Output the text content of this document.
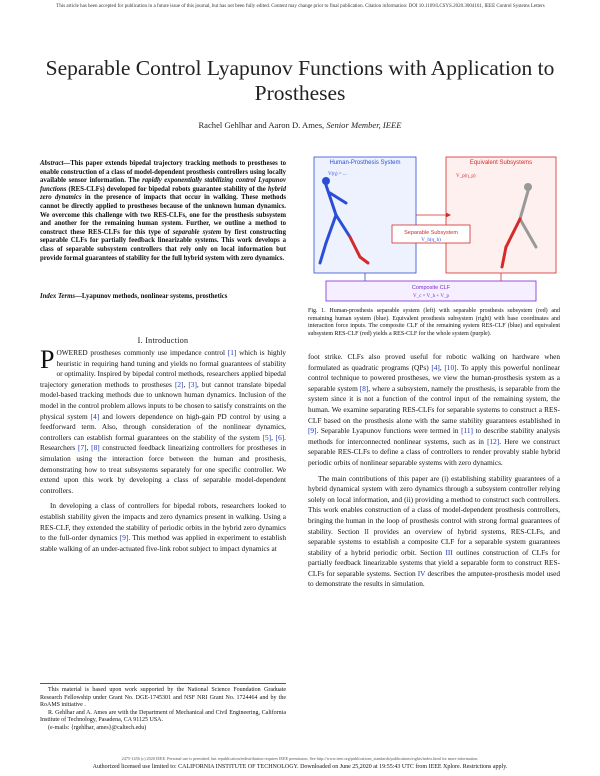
This article has been accepted for publication in a future issue of this journal, but has not been fully edited. Content may change prior to final publication. Citation information: DOI 10.1109/LCSYS.2020.3004161, IEEE Control Systems Letters
Separable Control Lyapunov Functions with Application to Prostheses
Rachel Gehlhar and Aaron D. Ames, Senior Member, IEEE
Abstract—This paper extends bipedal trajectory tracking methods to prostheses to enable construction of a class of model-dependent prosthesis controllers using locally available sensor information. The rapidly exponentially stabilizing control Lyapunov functions (RES-CLFs) developed for bipedal robots guarantee stability of the hybrid zero dynamics in the presence of impacts that occur in walking. These methods cannot be directly applied to prostheses because of the unknown human dynamics. We overcome this challenge with two RES-CLFs, one for the prosthesis subsystem and another for the remaining human system. Further, we outline a method to construct these RES-CLFs for this type of separable system by first constructing separable CLFs for partially feedback linearizable systems. This work develops a class of separable subsystem controllers that rely only on local information but provide formal guarantees of stability for the full hybrid system with zero dynamics.
Index Terms—Lyapunov methods, nonlinear systems, prosthetics
I. Introduction

POWERED prostheses commonly use impedance control [1] which is highly heuristic in requiring hand tuning and yields no formal guarantees of stability or optimality. Inspired by bipedal control methods, researchers applied bipedal trajectory generation methods to prostheses [2], [3], but cannot translate bipedal model-based tracking methods due to unknown human dynamics. Inclusion of the model in the control problem allows inputs to be chosen to satisfy constraints on the physical system [4] and lowers dependence on high-gain PD control by using a feedforward term. Also, through consideration of the nonlinear dynamics, controllers can establish formal guarantees on the stability of the system [5], [6]. Researchers [7], [8] constructed feedback linearizing controllers for prostheses in simulation using the interaction force between the human and prosthesis, demonstrating how to treat subsystems separately for one specific controller. We extend upon this work by developing a class of separable model-dependent controllers.

In developing a class of controllers for bipedal robots, researchers looked to establish stability given the impacts and zero dynamics present in walking. Using a RES-CLF, they extended the stability of periodic orbits in the hybrid zero dynamics to the full-order dynamics [9]. This method was applied in experiment to establish stable walking of an under-actuated five-link robot subject to impact dynamics at

This material is based upon work supported by the National Science Foundation Graduate Research Fellowship under Grant No. DGE-1745301 and NSF NRI Grant No. 1724464 and by the RoAMS initiative .

R. Gehlhar and A. Ames are with the Department of Mechanical and Civil Engineering, California Institute of Technology, Pasadena, CA 91125 USA.

(e-mails: {rgehlhar, ames}@caltech.edu)

Human-Prosthesis System
V(η) = ...
Equivalent Subsystems
V_p(η_p)
Separable Subsystem
V_h(η_h)
Composite CLF
V_c = V_h + V_p
Fig. 1. Human-prosthesis separable system (left) with separable prosthesis subsystem (red) and remaining human system (blue). Equivalent prosthesis subsystem (right) with base coordinates and interaction force inputs. The composite CLF of the remaining system RES-CLF (blue) and equivalent subsystem RES-CLF (red) yields a RES-CLF for the whole system (purple).

foot strike. CLFs also proved useful for robotic walking on hardware when formulated as quadratic programs (QPs) [4], [10]. To apply this powerful nonlinear control technique to powered prostheses, we view the human-prosthesis system as a separable system [8], where a subsystem, namely the prosthesis, is separable from the system since it is not a function of the control input of the remaining system, the human. We examine separating RES-CLFs for separable systems to construct a RES-CLF based on the prosthesis alone with the same stability guarantees established in [9]. Separable Lyapunov functions were termed in [11] to describe stability analysis methods for interconnected nonlinear systems, such as in [12]. Here we construct separable RES-CLFs to define a class of controllers to render provably stable hybrid periodic orbits of nonlinear separable systems with zero dynamics.

The main contributions of this paper are (i) establishing stability guarantees of a hybrid dynamical system with zero dynamics through a subsystem controller relying solely on local information, and (ii) providing a method to construct such controllers. This work enables construction of a class of model-dependent prosthesis controllers, bringing the human in the loop of prosthesis control with strong formal guarantees of stability. Section II provides an overview of hybrid systems, RES-CLFs, and separable systems to establish a composite CLF for a separable system guarantees stability of a hybrid periodic orbit. Section III outlines construction of CLFs for partially feedback linearizable systems that yield a separable form to construct RES-CLFs for separable systems. Section IV describes the amputee-prosthesis model used to demonstrate the results in simulation.

2475-1456 (c) 2020 IEEE. Personal use is permitted, but republication/redistribution requires IEEE permission. See http://www.ieee.org/publications_standards/publications/rights/index.html for more information.
Authorized licensed use limited to: CALIFORNIA INSTITUTE OF TECHNOLOGY. Downloaded on June 25,2020 at 19:55:43 UTC from IEEE Xplore. Restrictions apply.
